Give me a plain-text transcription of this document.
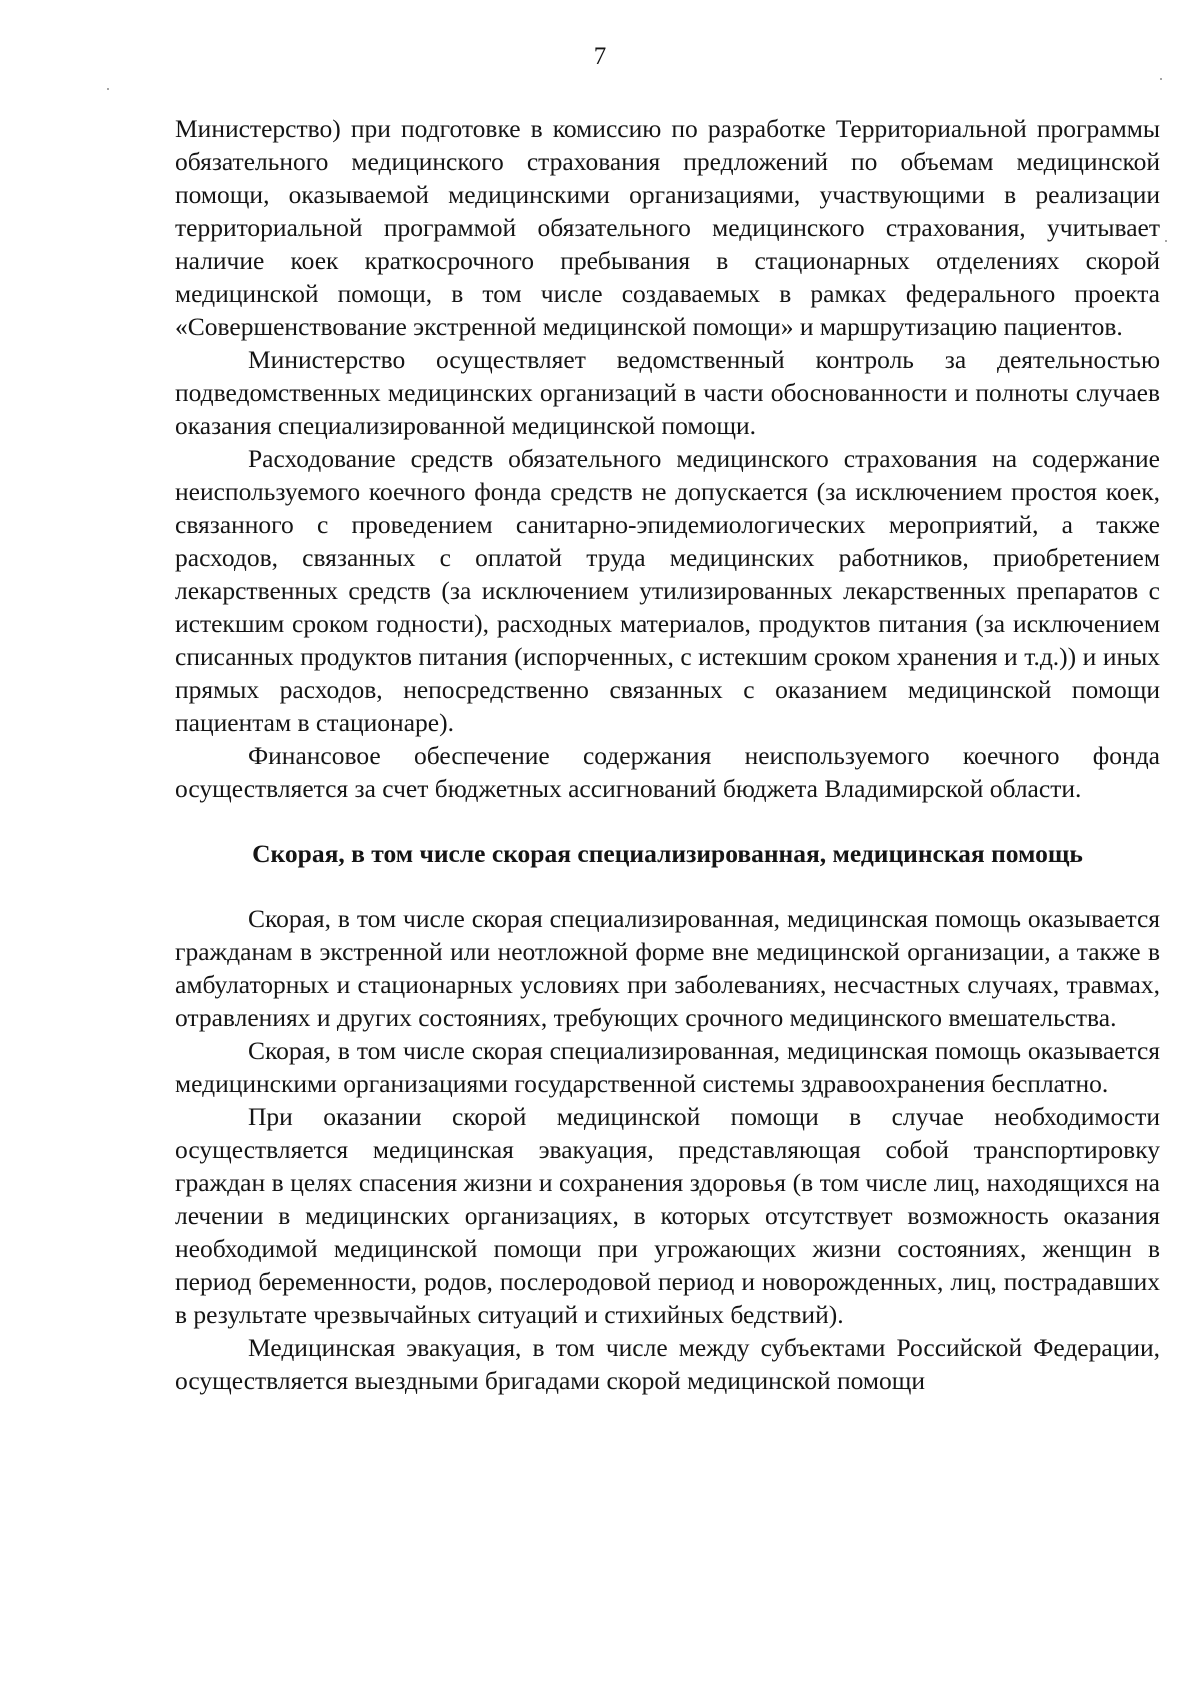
7

Министерство) при подготовке в комиссию по разработке Территориальной программы обязательного медицинского страхования предложений по объемам медицинской помощи, оказываемой медицинскими организациями, участвующими в реализации территориальной программой обязательного медицинского страхования, учитывает наличие коек краткосрочного пребывания в стационарных отделениях скорой медицинской помощи, в том числе создаваемых в рамках федерального проекта «Совершенствование экстренной медицинской помощи» и маршрутизацию пациентов.

Министерство осуществляет ведомственный контроль за деятельностью подведомственных медицинских организаций в части обоснованности и полноты случаев оказания специализированной медицинской помощи.

Расходование средств обязательного медицинского страхования на содержание неиспользуемого коечного фонда средств не допускается (за исключением простоя коек, связанного с проведением санитарно-эпидемиологических мероприятий, а также расходов, связанных с оплатой труда медицинских работников, приобретением лекарственных средств (за исключением утилизированных лекарственных препаратов с истекшим сроком годности), расходных материалов, продуктов питания (за исключением списанных продуктов питания (испорченных, с истекшим сроком хранения и т.д.)) и иных прямых расходов, непосредственно связанных с оказанием медицинской помощи пациентам в стационаре).

Финансовое обеспечение содержания неиспользуемого коечного фонда осуществляется за счет бюджетных ассигнований бюджета Владимирской области.

Скорая, в том числе скорая специализированная, медицинская помощь

Скорая, в том числе скорая специализированная, медицинская помощь оказывается гражданам в экстренной или неотложной форме вне медицинской организации, а также в амбулаторных и стационарных условиях при заболеваниях, несчастных случаях, травмах, отравлениях и других состояниях, требующих срочного медицинского вмешательства.

Скорая, в том числе скорая специализированная, медицинская помощь оказывается медицинскими организациями государственной системы здравоохранения бесплатно.

При оказании скорой медицинской помощи в случае необходимости осуществляется медицинская эвакуация, представляющая собой транспортировку граждан в целях спасения жизни и сохранения здоровья (в том числе лиц, находящихся на лечении в медицинских организациях, в которых отсутствует возможность оказания необходимой медицинской помощи при угрожающих жизни состояниях, женщин в период беременности, родов, послеродовой период и новорожденных, лиц, пострадавших в результате чрезвычайных ситуаций и стихийных бедствий).

Медицинская эвакуация, в том числе между субъектами Российской Федерации, осуществляется выездными бригадами скорой медицинской помощи
